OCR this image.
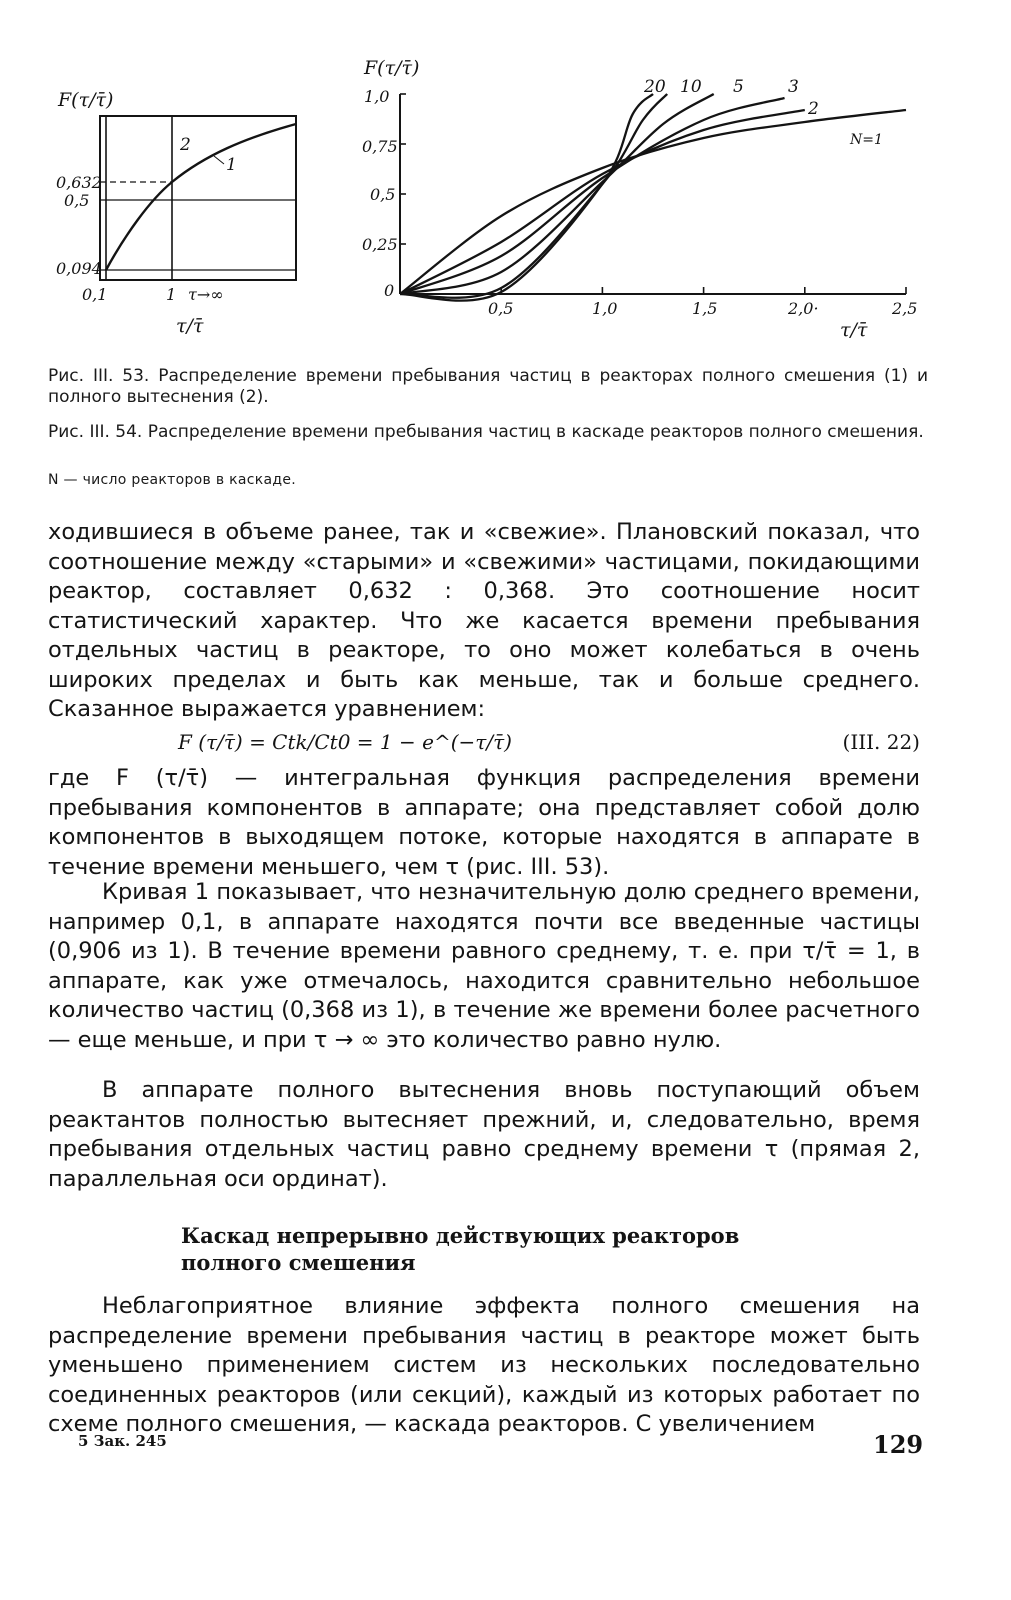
F(τ/τ̄)
0,632
0,5
0,094
0,1	1 τ→∞
2
1
τ/τ̄
F(τ/τ̄)
1,0
0,75
0,5
0,25
0
0,5	1,0	1,5	2,0·	2,5
20 10 5	3
2
N=1
τ/τ̄

Рис. III. 53. Распределение времени пребывания частиц в реакторах полного смешения (1) и полного вытеснения (2).

Рис. III. 54. Распределение времени пребывания частиц в каскаде реакторов полного смешения.

N — число реакторов в каскаде.

ходившиеся в объеме ранее, так и «свежие». Плановский показал, что соотношение между «старыми» и «свежими» частицами, покидающими реактор, составляет 0,632 : 0,368. Это соотношение носит статистический характер. Что же касается времени пребывания отдельных частиц в реакторе, то оно может колебаться в очень широких пределах и быть как меньше, так и больше среднего. Сказанное выражается уравнением:

F (τ/τ̄) = Ctk/Ct0 = 1 − e^(−τ/τ̄)	(III. 22)

где F (τ/τ̄) — интегральная функция распределения времени пребывания компонентов в аппарате; она представляет собой долю компонентов в выходящем потоке, которые находятся в аппарате в течение времени меньшего, чем τ (рис. III. 53).

Кривая 1 показывает, что незначительную долю среднего времени, например 0,1, в аппарате находятся почти все введенные частицы (0,906 из 1). В течение времени равного среднему, т. е. при τ/τ̄ = 1, в аппарате, как уже отмечалось, находится сравнительно небольшое количество частиц (0,368 из 1), в течение же времени более расчетного — еще меньше, и при τ → ∞ это количество равно нулю.

В аппарате полного вытеснения вновь поступающий объем реактантов полностью вытесняет прежний, и, следовательно, время пребывания отдельных частиц равно среднему времени τ (прямая 2, параллельная оси ординат).

Каскад непрерывно действующих реакторов полного смешения

Неблагоприятное влияние эффекта полного смешения на распределение времени пребывания частиц в реакторе может быть уменьшено применением систем из нескольких последовательно соединенных реакторов (или секций), каждый из которых работает по схеме полного смешения, — каскада реакторов. С увеличением

5 Зак. 245	129
